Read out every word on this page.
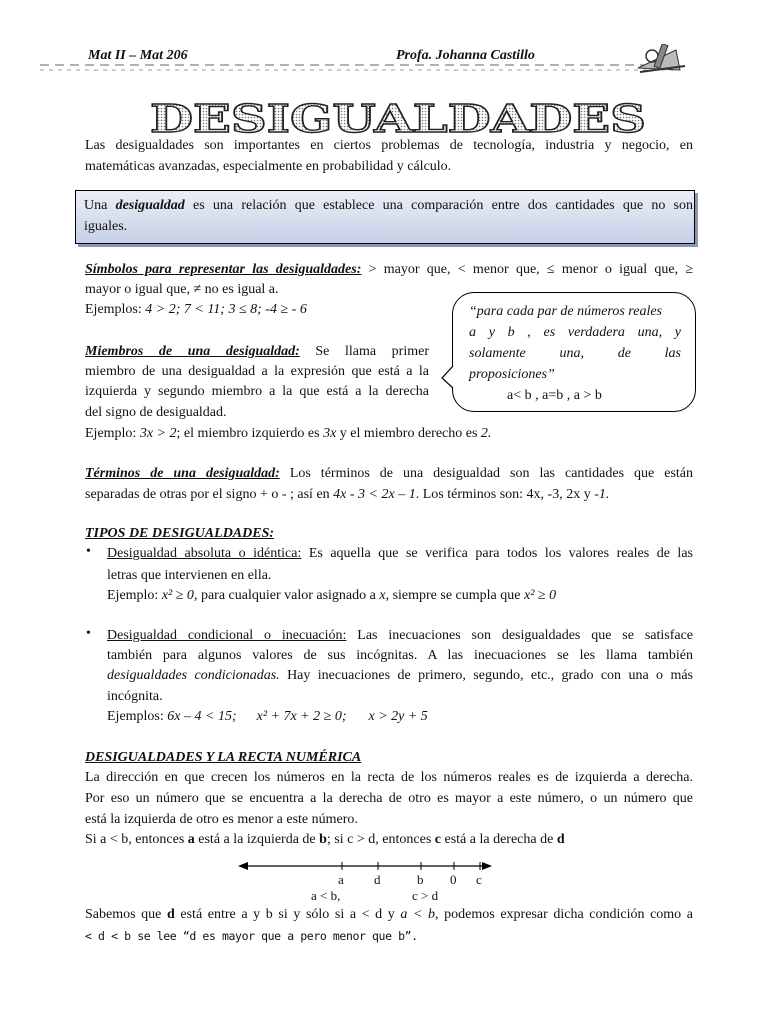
Mat II – Mat 206	Profa. Johanna Castillo
DESIGUALDADES
Las desigualdades son importantes en ciertos problemas de tecnología, industria y negocio, en
matemáticas avanzadas, especialmente en probabilidad y cálculo.
Una desigualdad es una relación que establece una comparación entre dos cantidades que no son
iguales.
Símbolos para representar las desigualdades: > mayor que, < menor que, ≤ menor o igual que, ≥
mayor o igual que, ≠ no es igual a.
Ejemplos: 4 > 2; 7 < 11; 3 ≤ 8; -4 ≥ - 6	“para cada par de números reales
a y b , es verdadera una, y
solamente una, de las
proposiciones”
a< b , a=b , a > b
Miembros de una desigualdad: Se llama primer
miembro de una desigualdad a la expresión que está a la
izquierda y segundo miembro a la que está a la derecha
del signo de desigualdad.
Ejemplo: 3x > 2; el miembro izquierdo es 3x y el miembro derecho es 2.
Términos de una desigualdad: Los términos de una desigualdad son las cantidades que están
separadas de otras por el signo + o - ; así en 4x - 3 < 2x – 1. Los términos son: 4x, -3, 2x y -1.
TIPOS DE DESIGUALDADES:
• Desigualdad absoluta o idéntica: Es aquella que se verifica para todos los valores reales de las
letras que intervienen en ella.
Ejemplo: x² ≥ 0, para cualquier valor asignado a x, siempre se cumpla que x² ≥ 0
• Desigualdad condicional o inecuación: Las inecuaciones son desigualdades que se satisface
también para algunos valores de sus incógnitas. A las inecuaciones se les llama también
desigualdades condicionadas. Hay inecuaciones de primero, segundo, etc., grado con una o más
incógnita.
Ejemplos: 6x – 4 < 15; x² + 7x + 2 ≥ 0; x > 2y + 5
DESIGUALDADES Y LA RECTA NUMÉRICA
La dirección en que crecen los números en la recta de los números reales es de izquierda a derecha.
Por eso un número que se encuentra a la derecha de otro es mayor a este número, o un número que
está la izquierda de otro es menor a este número.
Si a < b, entonces a está a la izquierda de b; si c > d, entonces c está a la derecha de d
a d	b 0 c
a < b,	c > d
Sabemos que d está entre a y b si y sólo si a < d y a < b, podemos expresar dicha condición como a
< d < b se lee “d es mayor que a pero menor que b”.
